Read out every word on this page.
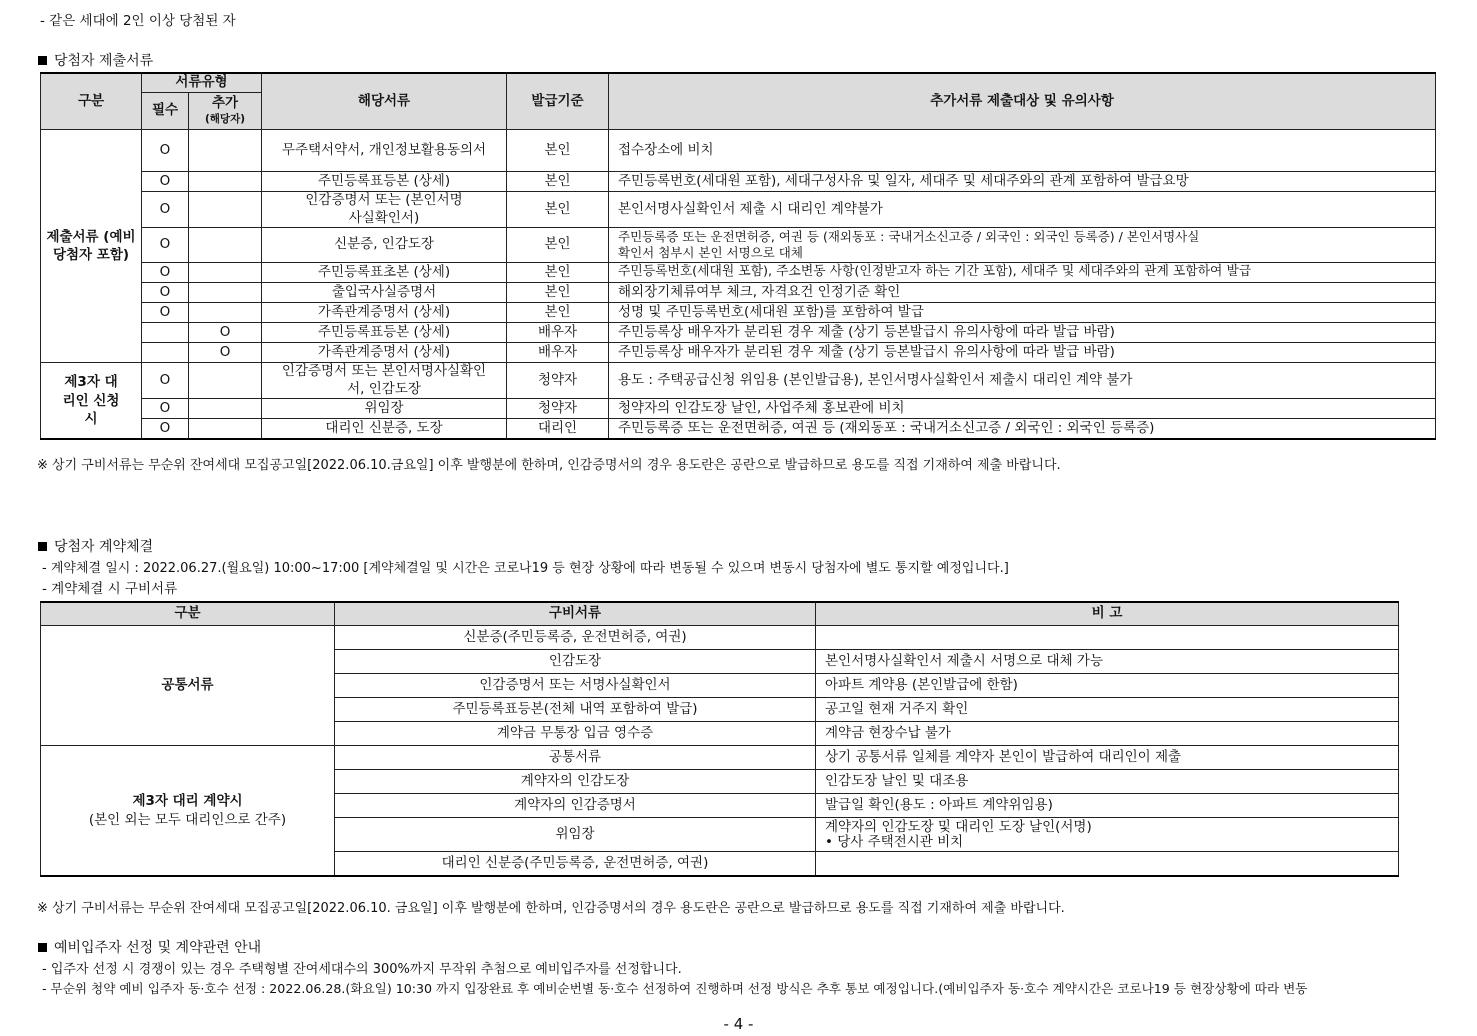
- 같은 세대에 2인 이상 당첨된 자
당첨자 제출서류
구분	서류유형		해당서류	발급기준	추가서류 제출대상 및 유의사항
	필수	추가
(해당자)			
제출서류 (예비당첨자 포함)	O		무주택서약서, 개인정보활용동의서	본인	접수장소에 비치
	O		주민등록표등본 (상세)	본인	주민등록번호(세대원 포함), 세대구성사유 및 일자, 세대주 및 세대주와의 관계 포함하여 발급요망
	O		인감증명서 또는 (본인서명사실확인서)	본인	본인서명사실확인서 제출 시 대리인 계약불가
	O		신분증, 인감도장	본인	주민등록증 또는 운전면허증, 여권 등 (재외동포 : 국내거소신고증 / 외국인 : 외국인 등록증) / 본인서명사실확인서 첨부시 본인 서명으로 대체
	O		주민등록표초본 (상세)	본인	주민등록번호(세대원 포함), 주소변동 사항(인정받고자 하는 기간 포함), 세대주 및 세대주와의 관계 포함하여 발급
	O		출입국사실증명서	본인	해외장기체류여부 체크, 자격요건 인정기준 확인
	O		가족관계증명서 (상세)	본인	성명 및 주민등록번호(세대원 포함)를 포함하여 발급
		O	주민등록표등본 (상세)	배우자	주민등록상 배우자가 분리된 경우 제출 (상기 등본발급시 유의사항에 따라 발급 바람)
		O	가족관계증명서 (상세)	배우자	주민등록상 배우자가 분리된 경우 제출 (상기 등본발급시 유의사항에 따라 발급 바람)
제3자 대리인 신청시	O		인감증명서 또는 본인서명사실확인서, 인감도장	청약자	용도 : 주택공급신청 위임용 (본인발급용), 본인서명사실확인서 제출시 대리인 계약 불가
	O		위임장	청약자	청약자의 인감도장 날인, 사업주체 홍보관에 비치
	O		대리인 신분증, 도장	대리인	주민등록증 또는 운전면허증, 여권 등 (재외동포 : 국내거소신고증 / 외국인 : 외국인 등록증)
※ 상기 구비서류는 무순위 잔여세대 모집공고일[2022.06.10.금요일] 이후 발행분에 한하며, 인감증명서의 경우 용도란은 공란으로 발급하므로 용도를 직접 기재하여 제출 바랍니다.
당첨자 계약체결
- 계약체결 일시 : 2022.06.27.(월요일) 10:00~17:00 [계약체결일 및 시간은 코로나19 등 현장 상황에 따라 변동될 수 있으며 변동시 당첨자에 별도 통지할 예정입니다.]
- 계약체결 시 구비서류
구분	구비서류	비 고
공통서류	신분증(주민등록증, 운전면허증, 여권)	
	인감도장	본인서명사실확인서 제출시 서명으로 대체 가능
	인감증명서 또는 서명사실확인서	아파트 계약용 (본인발급에 한함)
	주민등록표등본(전체 내역 포함하여 발급)	공고일 현재 거주지 확인
	계약금 무통장 입금 영수증	계약금 현장수납 불가

제3자 대리 계약시
(본인 외는 모두 대리인으로 간주)	공통서류	상기 공통서류 일체를 계약자 본인이 발급하여 대리인이 제출
	계약자의 인감도장	인감도장 날인 및 대조용
	계약자의 인감증명서	발급일 확인(용도 : 아파트 계약위임용)
	위임장	계약자의 인감도장 및 대리인 도장 날인(서명)
• 당사 주택전시관 비치
	대리인 신분증(주민등록증, 운전면허증, 여권)	
※ 상기 구비서류는 무순위 잔여세대 모집공고일[2022.06.10. 금요일] 이후 발행분에 한하며, 인감증명서의 경우 용도란은 공란으로 발급하므로 용도를 직접 기재하여 제출 바랍니다.
예비입주자 선정 및 계약관련 안내
- 입주자 선정 시 경쟁이 있는 경우 주택형별 잔여세대수의 300%까지 무작위 추첨으로 예비입주자를 선정합니다.
- 무순위 청약 예비 입주자 동·호수 선정 : 2022.06.28.(화요일) 10:30 까지 입장완료 후 예비순번별 동·호수 선정하여 진행하며 선정 방식은 추후 통보 예정입니다.(예비입주자 동·호수 계약시간은 코로나19 등 현장상황에 따라 변동
- 4 -
